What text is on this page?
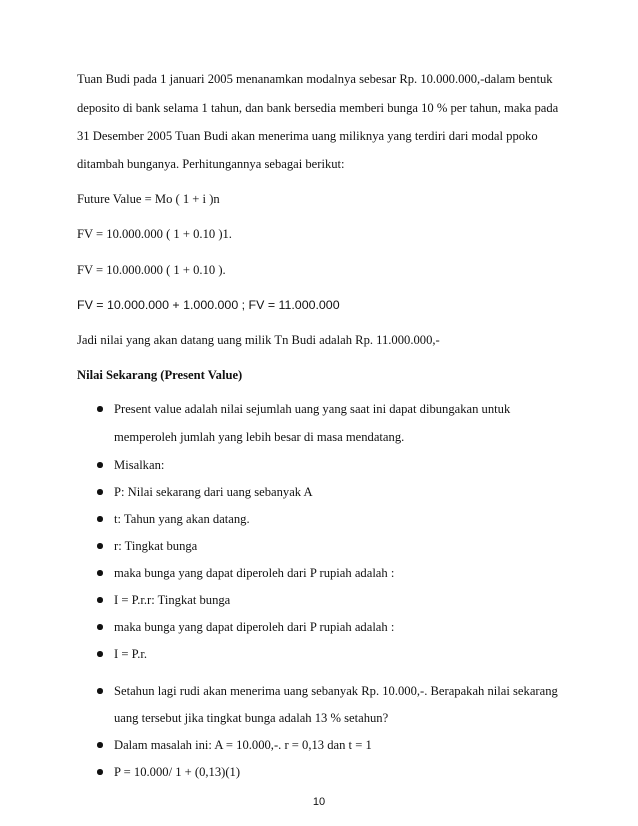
Tuan Budi pada 1 januari 2005 menanamkan modalnya sebesar Rp. 10.000.000,-dalam bentuk
deposito di bank selama 1 tahun, dan bank bersedia memberi bunga 10 % per tahun, maka pada
31 Desember 2005 Tuan Budi akan menerima uang miliknya yang terdiri dari modal ppoko
ditambah bunganya. Perhitungannya sebagai berikut:
Future Value = Mo ( 1 + i )n
FV = 10.000.000 ( 1 + 0.10 )1.
FV = 10.000.000 ( 1 + 0.10 ).
FV = 10.000.000 + 1.000.000 ; FV = 11.000.000
Jadi nilai yang akan datang uang milik Tn Budi adalah Rp. 11.000.000,-
Nilai Sekarang (Present Value)
Present value adalah nilai sejumlah uang yang saat ini dapat dibungakan untuk
memperoleh jumlah yang lebih besar di masa mendatang.
Misalkan:
P: Nilai sekarang dari uang sebanyak A
t: Tahun yang akan datang.
r: Tingkat bunga
maka bunga yang dapat diperoleh dari P rupiah adalah :
I = P.r.r: Tingkat bunga
maka bunga yang dapat diperoleh dari P rupiah adalah :
I = P.r.
Setahun lagi rudi akan menerima uang sebanyak Rp. 10.000,-. Berapakah nilai sekarang
uang tersebut jika tingkat bunga adalah 13 % setahun?
Dalam masalah ini: A = 10.000,-. r = 0,13 dan t = 1
P = 10.000/ 1 + (0,13)(1)
10
